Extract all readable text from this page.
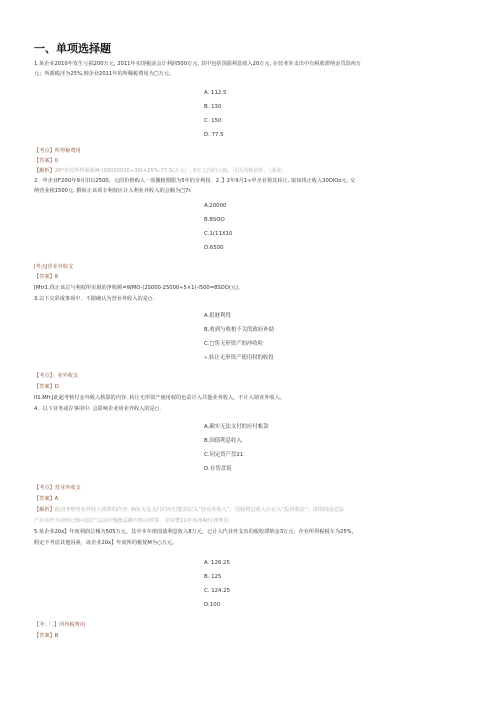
一、单项选择题
1.某企业2010年发生亏损200万元, 2011年实现税前会计利润500万元, 其中包括国债利息收入20万元, 在营业外支出中有税收滞纳金罚款州万
元；所都税淫为25%,则企业2011年的所稀税费用为□万元。
A. 112.5
B. 130
C. 150
D. 77.5
【考点】所得稅费用
【答案】0
【解析】20*年的所得稅系M-(S0020020+30)×25%-77.5(万元）, 5年之内的亏损，可以用税前补，《弥补。
2、甲企业F20U年9月旧以2500、元的价格购入一项撤租期限为5年的专利权．2、】2年9月1∞甲企业将其转让, 取如找止收入30OlOo元, 交
纳营业税1500元. 猬转止该项专利权应计入利业外收入的会额为□7r.
A.20000
B.8SOO
C.1(11X10
D.6500
J考点J营业外收支
【答案】8
[Mtr1.找止该总与利权所实現的净收顾=WMO-(2S000-25000÷5×1)-l500=8SOO(元)。
3.以下交彩成事项中，不限确认为营业外收入的是○.
A.捐财利得
B,收到与收柏不关的政府补助
C.□售无形资产的冲收粒
».转让无形资产使用权的收投
【考点】」业外收支
【答案】D
If1.Mfr.J此超考核付金外收入核算的内容. 转让无形资产使用权的色益计入共他业务收入，不计入销业外收入。
4、以下业务或存事项中, 会影响企业用业外收入的是○.
A.确实无法支付的应付帐款
B.国债利息收入
C.同定资产盘21
D.存货盘筑
【考点】营业外收支
【答案】A
【解析】此国考察营业外收入核算的内容. 确实无法支付的应付能款記入”营业外收入”；国使利息收入应记入”投资收益”；盘街的固定法
产应该作为前明过怖•通过“以前年慢操益聃??科目核算，存双赞21应该冲At付理费用.
5.某企业20x】年度利润总械为505万元，其中本年俵国债利息收入8万元，已计入代业外支出的税收滞纳金3万元；企业所得税税车为25%，
假定不考虑其他因素，该企业20x】年度所的税优M为○万元。
A. 126.25
B. 125
C. 124.25
D.100
【考:「、】所得税费用
【答案】B
